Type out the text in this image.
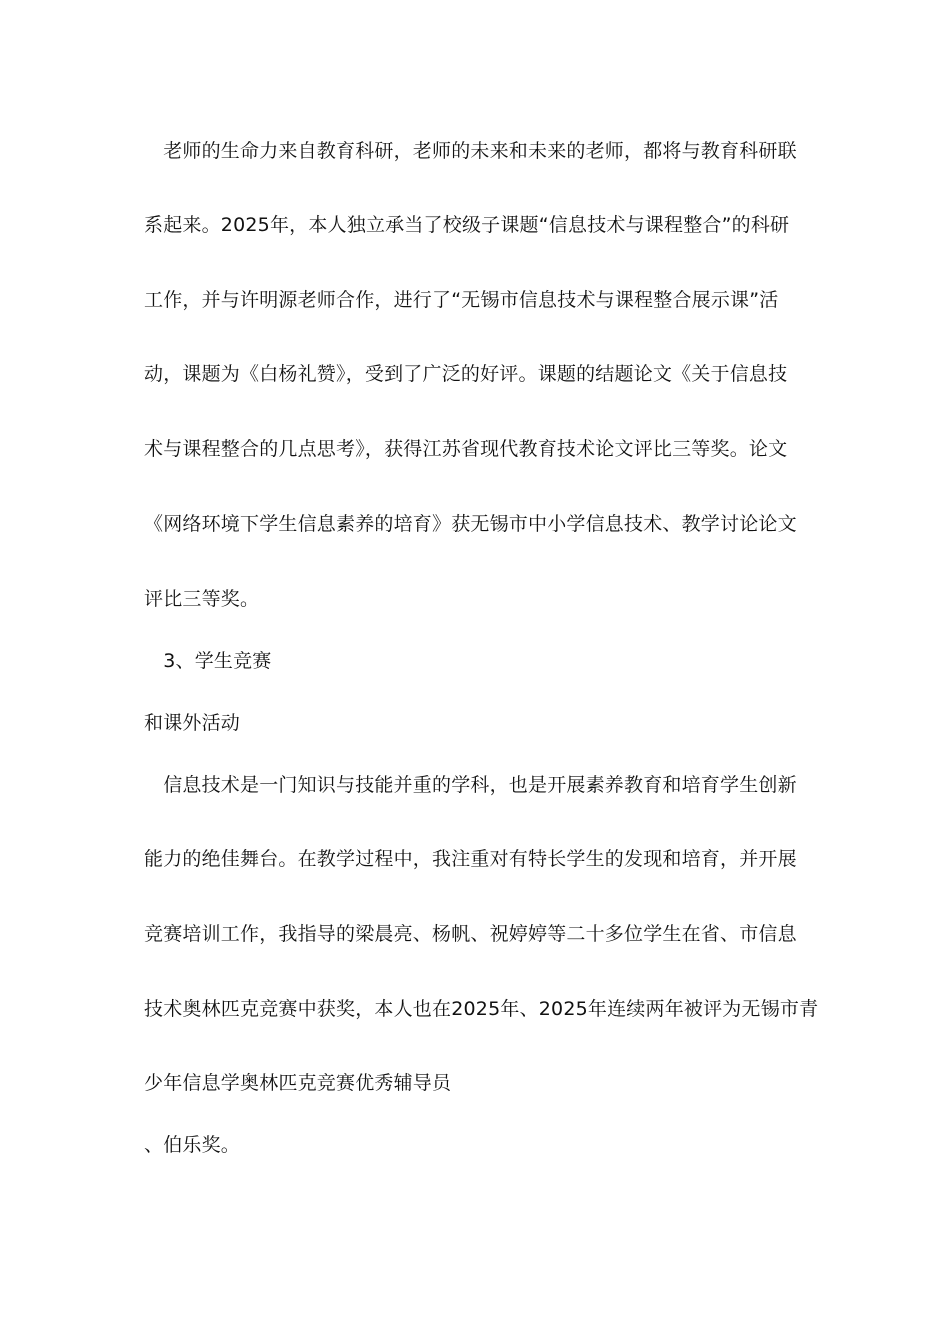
　老师的生命力来自教育科研，老师的未来和未来的老师，都将与教育科研联
系起来。2025年，本人独立承当了校级子课题“信息技术与课程整合”的科研
工作，并与许明源老师合作，进行了“无锡市信息技术与课程整合展示课”活
动，课题为《白杨礼赞》，受到了广泛的好评。课题的结题论文《关于信息技
术与课程整合的几点思考》，获得江苏省现代教育技术论文评比三等奖。论文
《网络环境下学生信息素养的培育》获无锡市中小学信息技术、教学讨论论文
评比三等奖。
　3、学生竞赛
和课外活动
　信息技术是一门知识与技能并重的学科，也是开展素养教育和培育学生创新
能力的绝佳舞台。在教学过程中，我注重对有特长学生的发现和培育，并开展
竞赛培训工作，我指导的梁晨亮、杨帆、祝婷婷等二十多位学生在省、市信息
技术奥林匹克竞赛中获奖，本人也在2025年、2025年连续两年被评为无锡市青
少年信息学奥林匹克竞赛优秀辅导员
、伯乐奖。
